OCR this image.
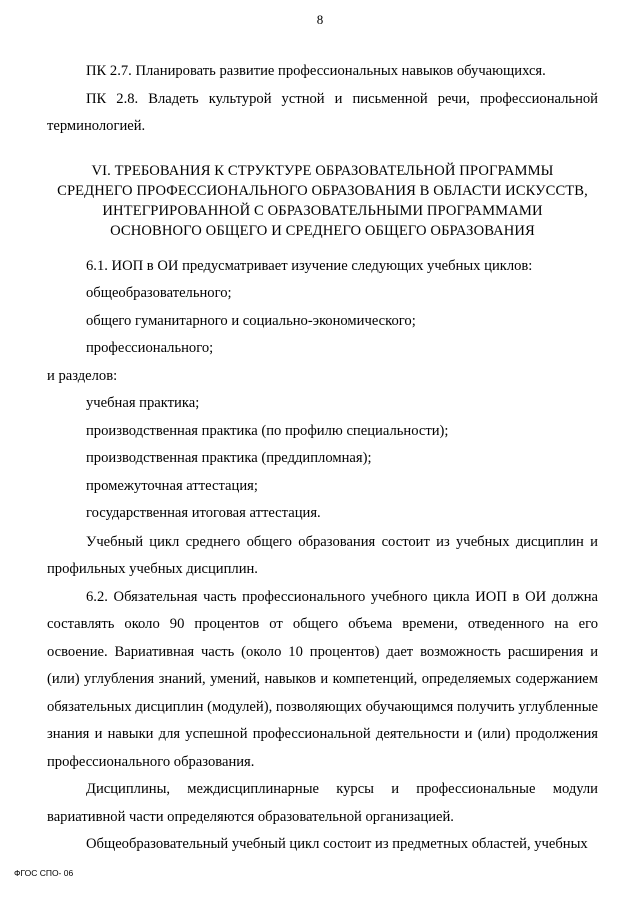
8

ПК 2.7. Планировать развитие профессиональных навыков обучающихся.

ПК 2.8. Владеть культурой устной и письменной речи, профессиональной терминологией.

VI. ТРЕБОВАНИЯ К СТРУКТУРЕ ОБРАЗОВАТЕЛЬНОЙ ПРОГРАММЫ
СРЕДНЕГО ПРОФЕССИОНАЛЬНОГО ОБРАЗОВАНИЯ В ОБЛАСТИ ИСКУССТВ,
ИНТЕГРИРОВАННОЙ С ОБРАЗОВАТЕЛЬНЫМИ ПРОГРАММАМИ
ОСНОВНОГО ОБЩЕГО И СРЕДНЕГО ОБЩЕГО ОБРАЗОВАНИЯ

6.1. ИОП в ОИ предусматривает изучение следующих учебных циклов:

общеобразовательного;

общего гуманитарного и социально-экономического;

профессионального;

и разделов:

учебная практика;

производственная практика (по профилю специальности);

производственная практика (преддипломная);

промежуточная аттестация;

государственная итоговая аттестация.

Учебный цикл среднего общего образования состоит из учебных дисциплин и профильных учебных дисциплин.

6.2. Обязательная часть профессионального учебного цикла ИОП в ОИ должна составлять около 90 процентов от общего объема времени, отведенного на его освоение. Вариативная часть (около 10 процентов) дает возможность расширения и (или) углубления знаний, умений, навыков и компетенций, определяемых содержанием обязательных дисциплин (модулей), позволяющих обучающимся получить углубленные знания и навыки для успешной профессиональной деятельности и (или) продолжения профессионального образования.

Дисциплины, междисциплинарные курсы и профессиональные модули вариативной части определяются образовательной организацией.

Общеобразовательный учебный цикл состоит из предметных областей, учебных

ФГОС СПО- 06
